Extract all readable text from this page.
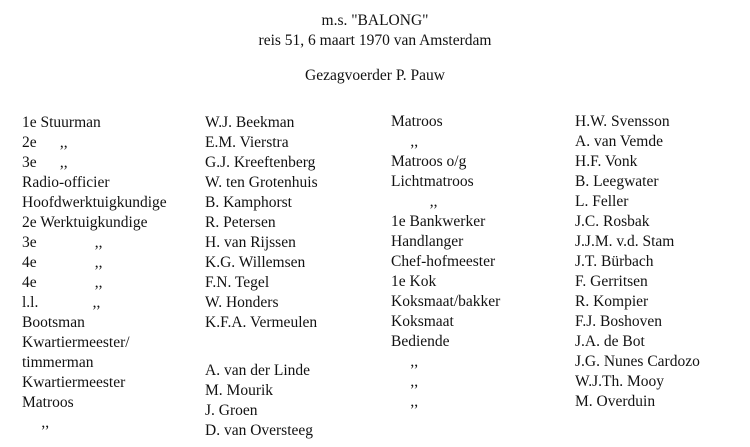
m.s. "BALONG"
reis 51, 6 maart 1970 van Amsterdam
Gezagvoerder P. Pauw
1e Stuurman	W.J. Beekman
2e      ,,	E.M. Vierstra
3e      ,,	G.J. Kreeftenberg
Radio-officier	W. ten Grotenhuis
Hoofdwerktuigkundige B. Kamphorst
2e Werktuigkundige	R. Petersen
3e               ,,	H. van Rijssen
4e               ,,	K.G. Willemsen
4e               ,,	F.N. Tegel
l.l.              ,,	W. Honders
Bootsman	K.F.A. Vermeulen
Kwartiermeester/
timmerman	A. van der Linde
Kwartiermeester	M. Mourik
Matroos	J. Groen
,,	D. van Oversteeg
Matroos	H.W. Svensson
,,	A. van Vemde
Matroos o/g	H.F. Vonk
Lichtmatroos	B. Leegwater
,,	L. Feller
1e Bankwerker	J.C. Rosbak
Handlanger	J.J.M. v.d. Stam
Chef-hofmeester	J.T. Bürbach
1e Kok	F. Gerritsen
Koksmaat/bakker	R. Kompier
Koksmaat	F.J. Boshoven
Bediende	J.A. de Bot
,,	J.G. Nunes Cardozo
,,	W.J.Th. Mooy
,,	M. Overduin
